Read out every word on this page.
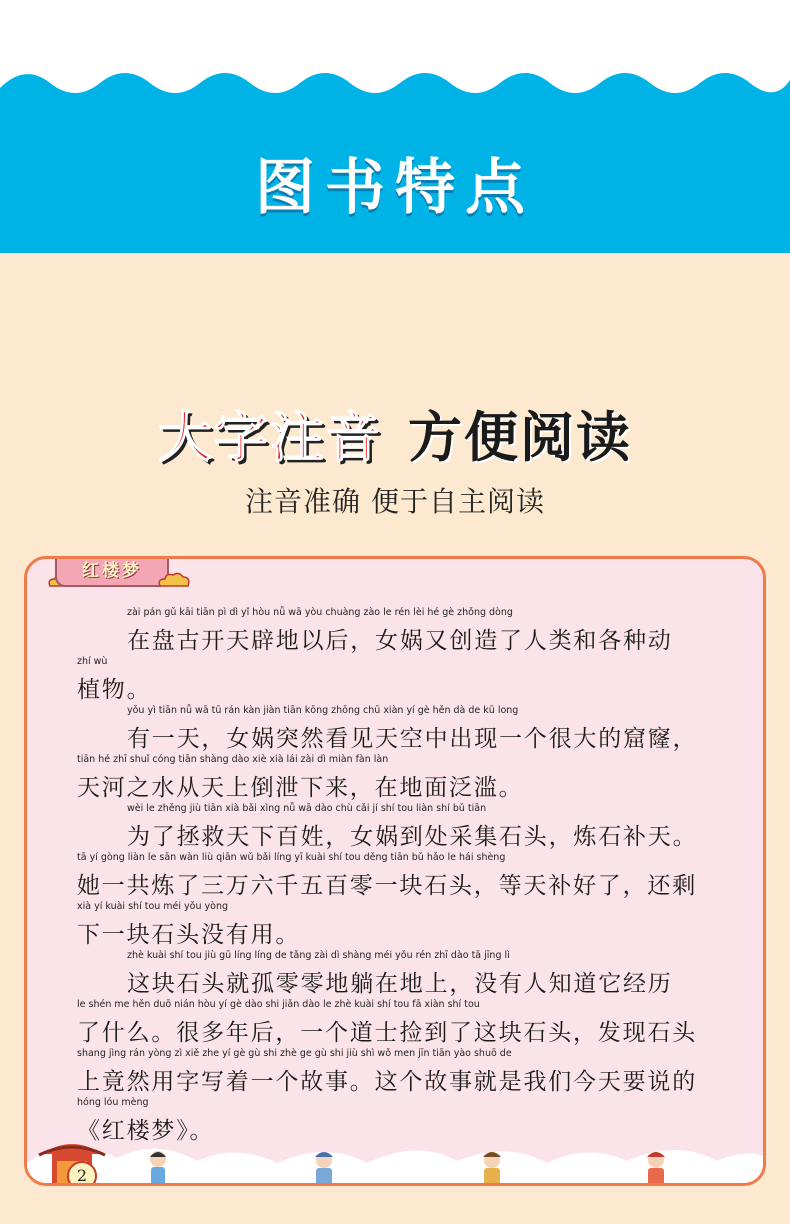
图书特点
大字注音 方便阅读
注音准确 便于自主阅读
红楼梦
zài pán gǔ kāi tiān pì dì yǐ hòu nǚ wā yòu chuàng zào le rén lèi hé gè zhǒng dòng
在盘古开天辟地以后，女娲又创造了人类和各种动
zhí wù
植物。
yǒu yì tiān nǚ wā tū rán kàn jiàn tiān kōng zhōng chū xiàn yí gè hěn dà de kū long
有一天，女娲突然看见天空中出现一个很大的窟窿，
tiān hé zhī shuǐ cóng tiān shàng dào xiè xià lái zài dì miàn fàn làn
天河之水从天上倒泄下来，在地面泛滥。
wèi le zhěng jiù tiān xià bǎi xìng nǚ wā dào chù cǎi jí shí tou liàn shí bǔ tiān
为了拯救天下百姓，女娲到处采集石头，炼石补天。
tā yí gòng liàn le sān wàn liù qiān wǔ bǎi líng yī kuài shí tou děng tiān bǔ hǎo le hái shèng
她一共炼了三万六千五百零一块石头，等天补好了，还剩
xià yí kuài shí tou méi yǒu yòng
下一块石头没有用。
zhè kuài shí tou jiù gū líng líng de tǎng zài dì shàng méi yǒu rén zhī dào tā jīng lì
这块石头就孤零零地躺在地上，没有人知道它经历
le shén me hěn duō nián hòu yí gè dào shi jiǎn dào le zhè kuài shí tou fā xiàn shí tou
了什么。很多年后，一个道士捡到了这块石头，发现石头
shang jìng rán yòng zì xiě zhe yí gè gù shi zhè ge gù shi jiù shì wǒ men jīn tiān yào shuō de
上竟然用字写着一个故事。这个故事就是我们今天要说的
hóng lóu mèng
《红楼梦》。
2
